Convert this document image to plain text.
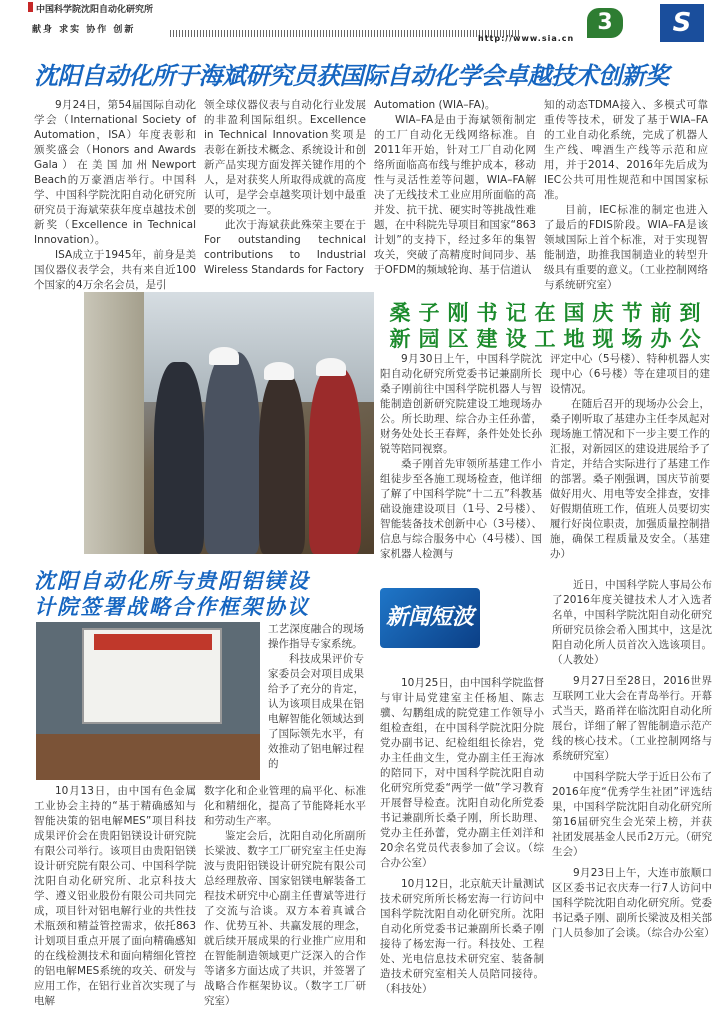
中国科学院沈阳自动化研究所
献身 求实 协作 创新
http://www.sia.cn
3	S
沈阳自动化所于海斌研究员获国际自动化学会卓越技术创新奖

9月24日，第54届国际自动化学会（International Society of Automation，ISA）年度表彰和颁奖盛会（Honors and Awards Gala）在美国加州Newport Beach的万豪酒店举行。中国科学、中国科学院沈阳自动化研究所研究员于海斌荣获年度卓越技术创新奖（Excellence in Technical Innovation）。

ISA成立于1945年，前身是美国仪器仪表学会，共有来自近100个国家的4万余名会员，是引

领全球仪器仪表与自动化行业发展的非盈利国际组织。Excellence in Technical Innovation奖项是表彰在新技术概念、系统设计和创新产品实现方面发挥关键作用的个人，是对获奖人所取得成就的高度认可，是学会卓越奖项计划中最重要的奖项之一。

此次于海斌获此殊荣主要在于For outstanding technical contributions to Industrial Wireless Standards for Factory

Automation (WIA–FA)。

WIA–FA是由于海斌领衔制定的工厂自动化无线网络标准。自2011年开始，针对工厂自动化网络所面临高布线与维护成本，移动性与灵活性差等问题，WIA–FA解决了无线技术工业应用所面临的高并发、抗干扰、硬实时等挑战性难题，在中科院先导项目和国家“863计划”的支持下，经过多年的集智攻关，突破了高精度时间同步、基于OFDM的频域轮询、基于信道认

知的动态TDMA接入、多模式可靠重传等技术，研发了基于WIA–FA的工业自动化系统，完成了机器人生产线、啤酒生产线等示范和应用，并于2014、2016年先后成为IEC公共可用性规范和中国国家标准。

目前，IEC标准的制定也进入了最后的FDIS阶段。WIA–FA是该领域国际上首个标准，对于实现智能制造，助推我国制造业的转型升级具有重要的意义。（工业控制网络与系统研究室）

桑子刚书记在国庆节前到
新园区建设工地现场办公

9月30日上午，中国科学院沈阳自动化研究所党委书记兼副所长桑子刚前往中国科学院机器人与智能制造创新研究院建设工地现场办公。所长助理、综合办主任孙蕾，财务处处长王春辉，条件处处长孙锐等陪同视察。

桑子刚首先审领所基建工作小组徒步至各施工现场检查，他详细了解了中国科学院“十二五”科教基础设施建设项目（1号、2号楼）、智能装备技术创新中心（3号楼）、信息与综合服务中心（4号楼）、国家机器人检测与

评定中心（5号楼）、特种机器人实现中心（6号楼）等在建项目的建设情况。

在随后召开的现场办公会上，桑子刚听取了基建办主任李凤起对现场施工情况和下一步主要工作的汇报，对新园区的建设进展给予了肯定，并结合实际进行了基建工作的部署。桑子刚强调，国庆节前要做好用火、用电等安全排查，安排好假期值班工作，值班人员要切实履行好岗位职责，加强质量控制措施，确保工程质量及安全。（基建办）

沈阳自动化所与贵阳铝镁设
计院签署战略合作框架协议

工艺深度融合的现场操作指导专家系统。

科技成果评价专家委员会对项目成果给予了充分的肯定，认为该项目成果在铝电解智能化领域达到了国际领先水平，有效推动了铝电解过程的

10月13日，由中国有色金属工业协会主持的“基于精确感知与智能决策的铝电解MES”项目科技成果评价会在贵阳铝镁设计研究院有限公司举行。该项目由贵阳铝镁设计研究院有限公司、中国科学院沈阳自动化研究所、北京科技大学、遵义铝业股份有限公司共同完成，项目针对铝电解行业的共性技术瓶颈和精益管控需求，依托863计划项目重点开展了面向精确感知的在线检测技术和面向精细化管控的铝电解MES系统的攻关、研发与应用工作，在铝行业首次实现了与电解

数字化和企业管理的扁平化、标准化和精细化，提高了节能降耗水平和劳动生产率。

鉴定会后，沈阳自动化所副所长梁波、数字工厂研究室主任史海波与贵阳铝镁设计研究院有限公司总经理敖帝、国家铝镁电解装备工程技术研究中心副主任曹斌等进行了交流与洽谈。双方本着真诚合作、优势互补、共赢发展的理念，就后续开展成果的行业推广应用和在智能制造领域更广泛深入的合作等诸多方面达成了共识，并签署了战略合作框架协议。（数字工厂研究室）

新闻短波

10月25日，由中国科学院监督与审计局党建室主任杨旭、陈志骥、勾鹏组成的院党建工作领导小组检查组，在中国科学院沈阳分院党办副书记、纪检组组长徐岩，党办主任曲文生，党办副主任王海冰的陪同下，对中国科学院沈阳自动化研究所党委“两学一做”学习教育开展督导检查。沈阳自动化所党委书记兼副所长桑子刚，所长助理、党办主任孙蕾，党办副主任刘洋和20余名党员代表参加了会议。（综合办公室）

10月12日，北京航天计量测试技术研究所所长杨宏海一行访问中国科学院沈阳自动化研究所。沈阳自动化所党委书记兼副所长桑子刚接待了杨宏海一行。科技处、工程处、光电信息技术研究室、装备制造技术研究室相关人员陪同接待。（科技处）

近日，中国科学院人事局公布了2016年度关键技术人才入选者名单，中国科学院沈阳自动化研究所研究员徐会希入围其中，这是沈阳自动化所人员首次入选该项目。（人教处）

9月27日至28日，2016世界互联网工业大会在青岛举行。开幕式当天，路甬祥在临沈阳自动化所展台，详细了解了智能制造示范产线的核心技术。（工业控制网络与系统研究室）

中国科学院大学于近日公布了2016年度“优秀学生社团”评选结果，中国科学院沈阳自动化研究所第16届研究生会光荣上榜，并获社团发展基金人民币2万元。（研究生会）

9月23日上午，大连市旅顺口区区委书记衣庆寿一行7人访问中国科学院沈阳自动化研究所。党委书记桑子刚、副所长梁波及相关部门人员参加了会谈。（综合办公室）
